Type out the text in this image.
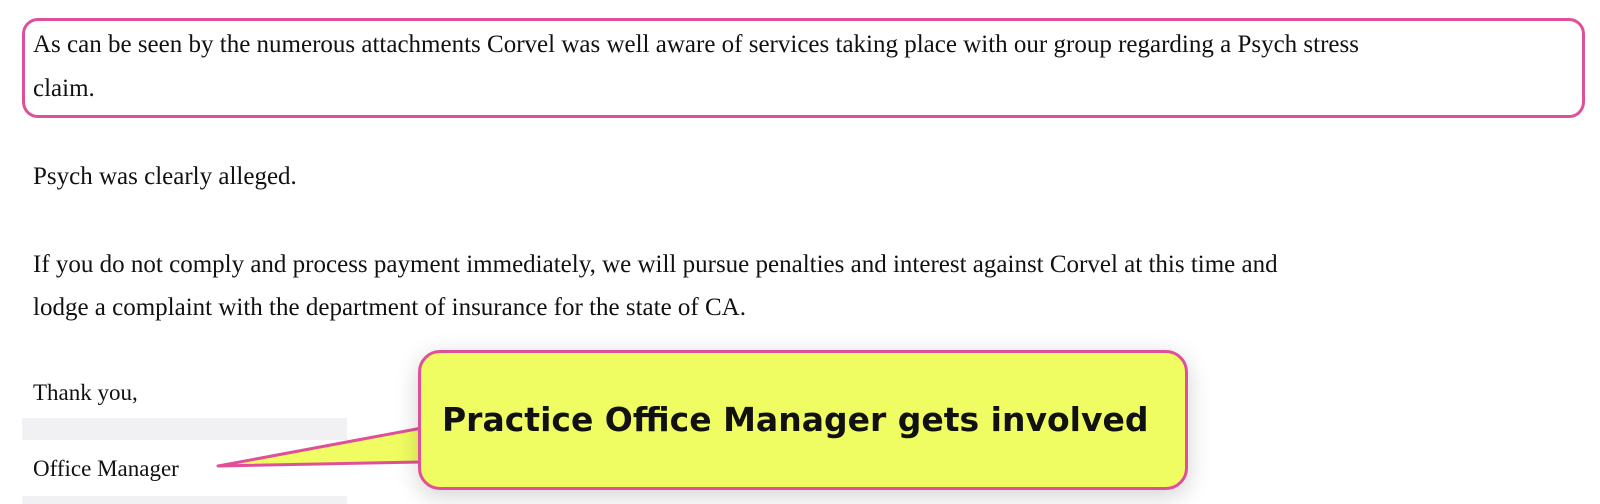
As can be seen by the numerous attachments Corvel was well aware of services taking place with our group regarding a Psych stress

claim.

Psych was clearly alleged.

If you do not comply and process payment immediately, we will pursue penalties and interest against Corvel at this time and

lodge a complaint with the department of insurance for the state of CA.

Thank you,

Office Manager

Practice Office Manager gets involved
